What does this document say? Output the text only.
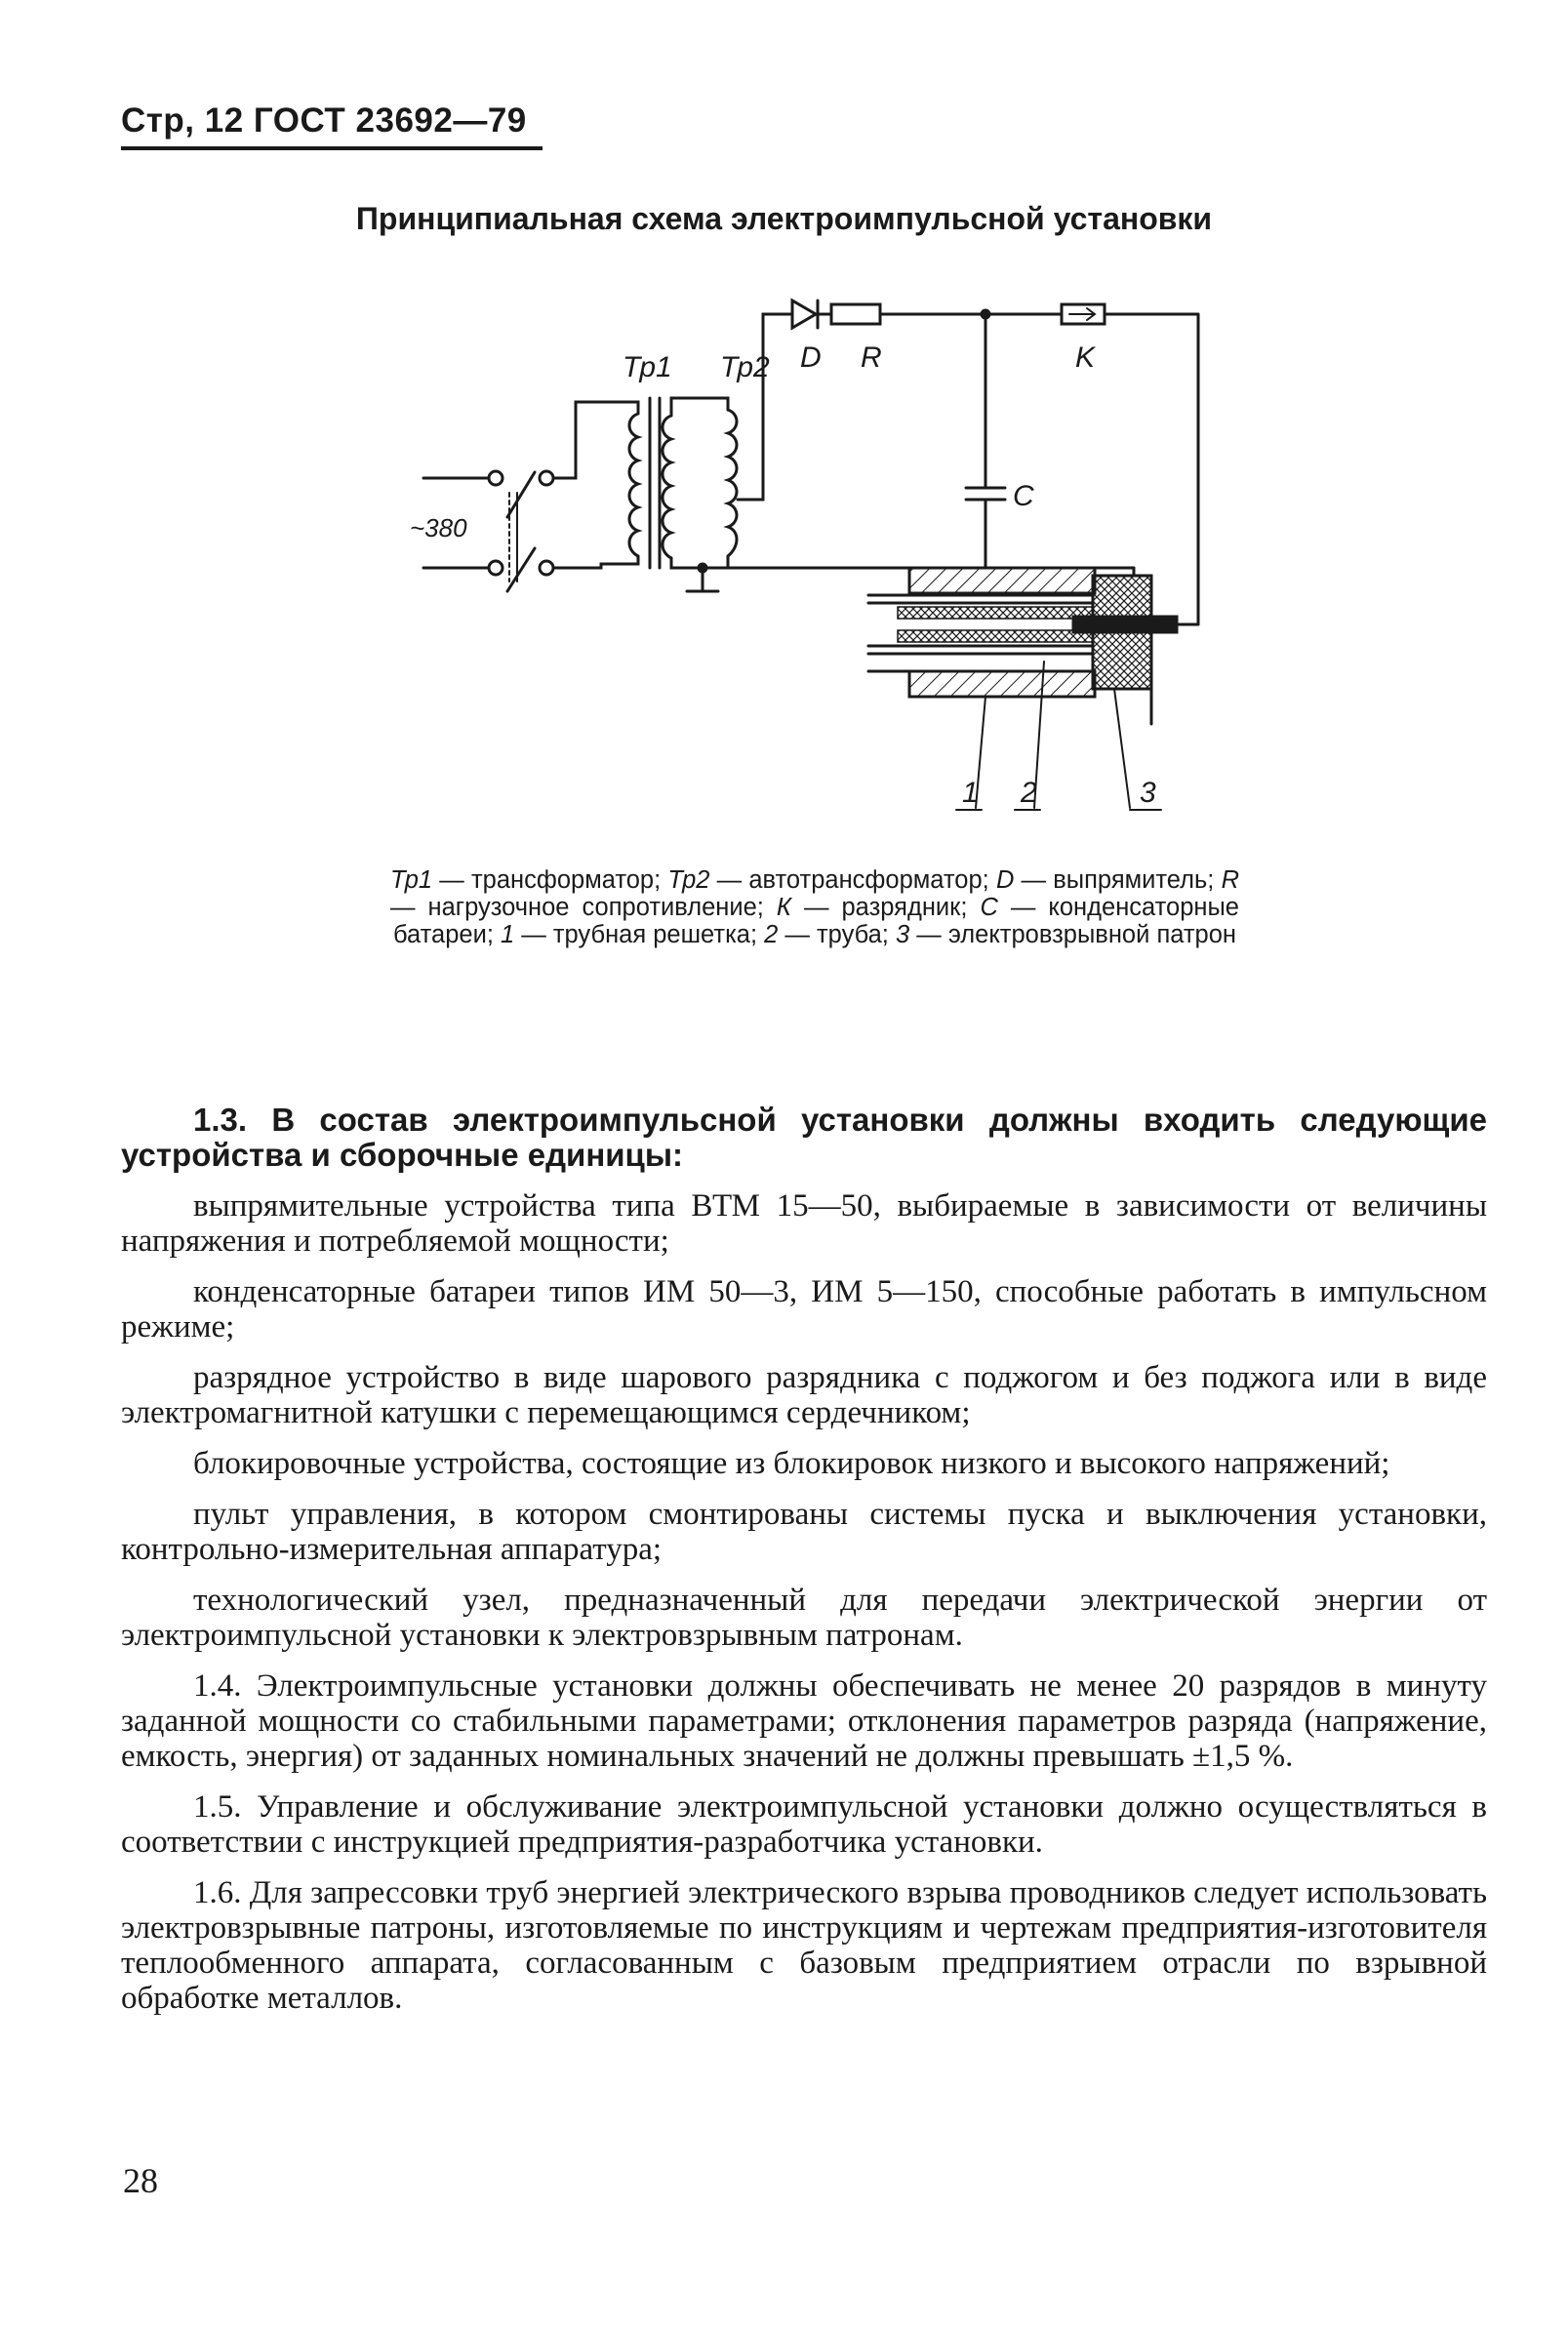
Стр, 12 ГОСТ 23692—79
Принципиальная схема электроимпульсной установки
Тр1 Тр2 D R	K
C
~380
1 2	3
Тр1 — трансформатор; Тр2 — автотрансформатор; D — выпрямитель; R — нагрузочное сопротивление; К — разрядник; С — конденсаторные батареи; 1 — трубная решетка; 2 — труба; 3 — электровзрывной патрон

1.3. В состав электроимпульсной установки должны входить следующие устройства и сборочные единицы:

выпрямительные устройства типа ВТМ 15—50, выбираемые в зависимости от величины напряжения и потребляемой мощности;

конденсаторные батареи типов ИМ 50—3, ИМ 5—150, способные работать в импульсном режиме;

разрядное устройство в виде шарового разрядника с поджогом и без поджога или в виде электромагнитной катушки с перемещающимся сердечником;

блокировочные устройства, состоящие из блокировок низкого и высокого напряжений;

пульт управления, в котором смонтированы системы пуска и выключения установки, контрольно-измерительная аппаратура;

технологический узел, предназначенный для передачи электрической энергии от электроимпульсной установки к электровзрывным патронам.

1.4. Электроимпульсные установки должны обеспечивать не менее 20 разрядов в минуту заданной мощности со стабильными параметрами; отклонения параметров разряда (напряжение, емкость, энергия) от заданных номинальных значений не должны превышать ±1,5 %.

1.5. Управление и обслуживание электроимпульсной установки должно осуществляться в соответствии с инструкцией предприятия-разработчика установки.

1.6. Для запрессовки труб энергией электрического взрыва проводников следует использовать электровзрывные патроны, изготовляемые по инструкциям и чертежам предприятия-изготовителя теплообменного аппарата, согласованным с базовым предприятием отрасли по взрывной обработке металлов.

28
